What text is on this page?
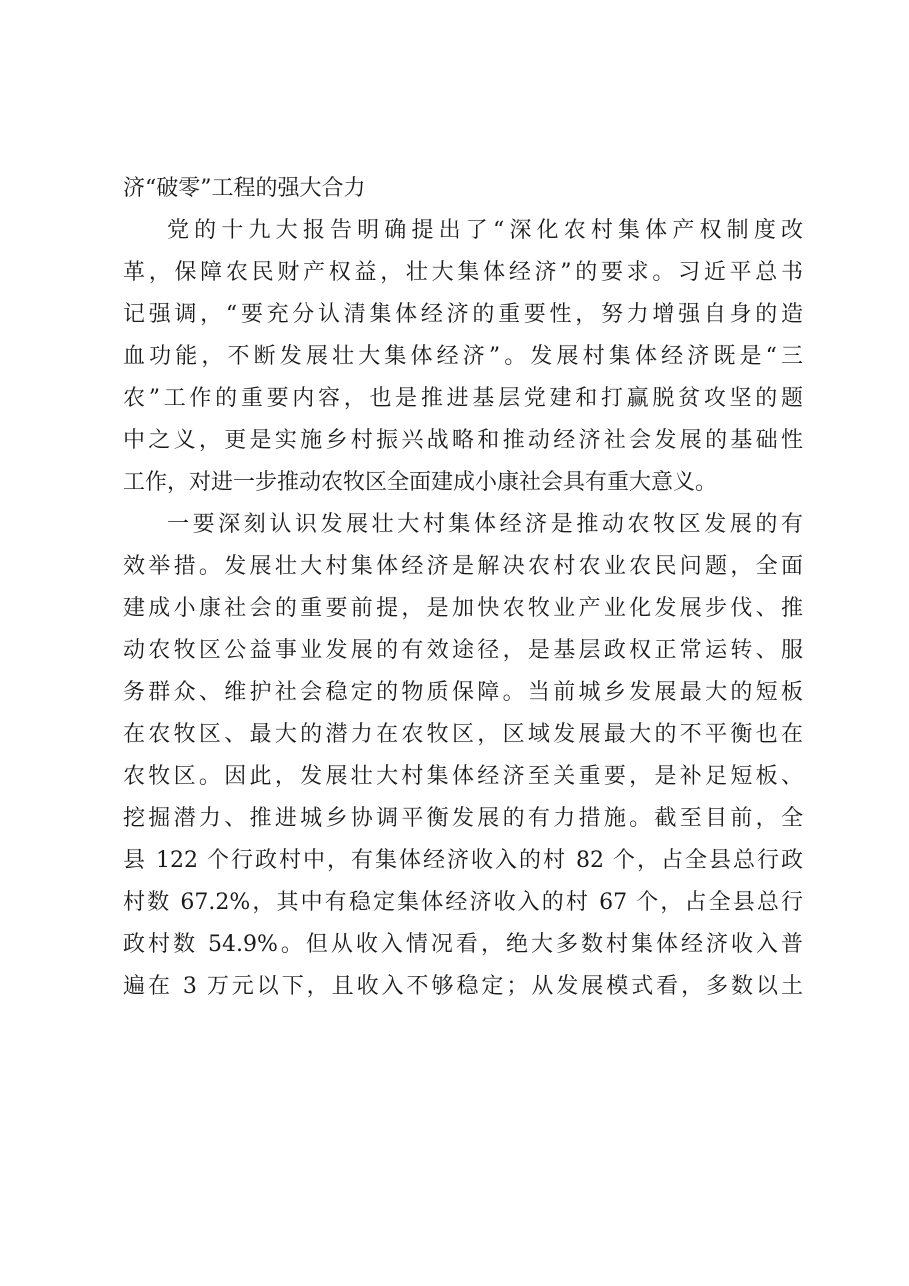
济“破零”工程的强大合力
党的十九大报告明确提出了“深化农村集体产权制度改
革，保障农民财产权益，壮大集体经济”的要求。习近平总书
记强调，“要充分认清集体经济的重要性，努力增强自身的造
血功能，不断发展壮大集体经济”。发展村集体经济既是“三
农”工作的重要内容，也是推进基层党建和打赢脱贫攻坚的题
中之义，更是实施乡村振兴战略和推动经济社会发展的基础性
工作，对进一步推动农牧区全面建成小康社会具有重大意义。
一要深刻认识发展壮大村集体经济是推动农牧区发展的有
效举措。发展壮大村集体经济是解决农村农业农民问题，全面
建成小康社会的重要前提，是加快农牧业产业化发展步伐、推
动农牧区公益事业发展的有效途径，是基层政权正常运转、服
务群众、维护社会稳定的物质保障。当前城乡发展最大的短板
在农牧区、最大的潜力在农牧区，区域发展最大的不平衡也在
农牧区。因此，发展壮大村集体经济至关重要，是补足短板、
挖掘潜力、推进城乡协调平衡发展的有力措施。截至目前，全
县 122 个行政村中，有集体经济收入的村 82 个，占全县总行政
村数 67.2%，其中有稳定集体经济收入的村 67 个，占全县总行
政村数 54.9%。但从收入情况看，绝大多数村集体经济收入普
遍在 3 万元以下，且收入不够稳定；从发展模式看，多数以土
